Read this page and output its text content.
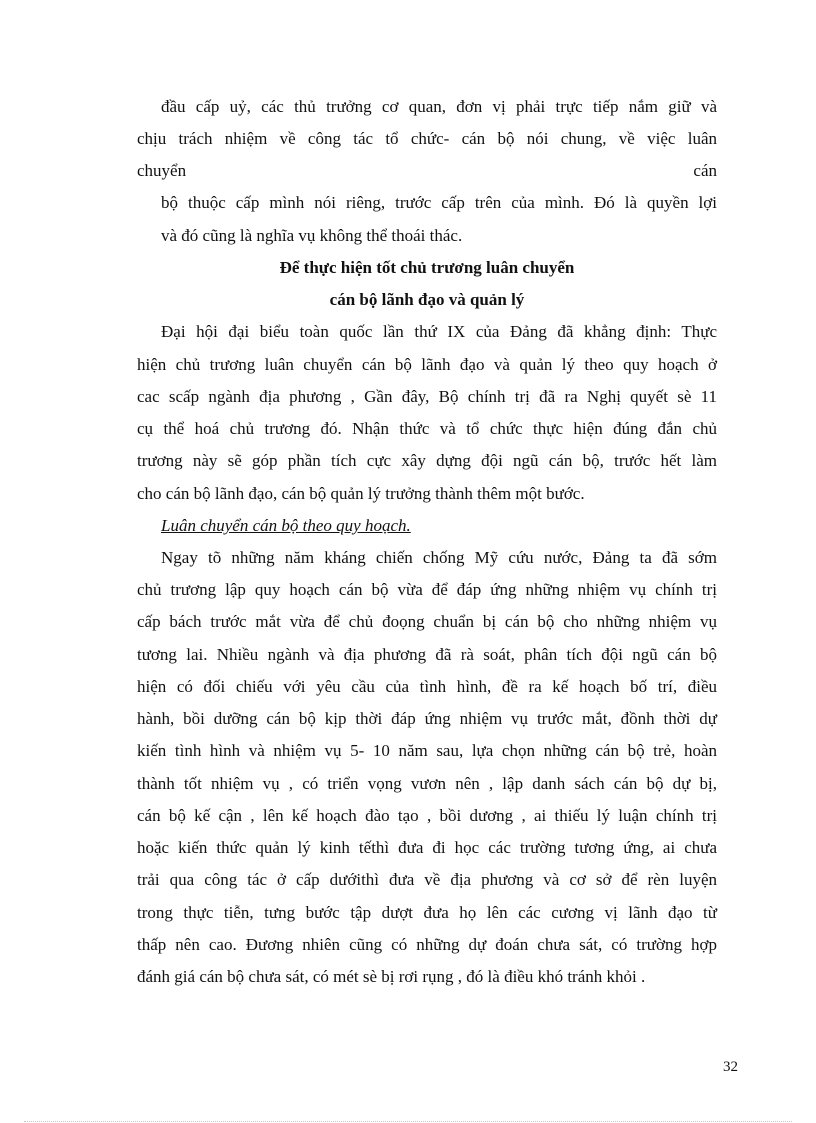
đầu cấp uỷ, các thủ trưởng cơ quan, đơn vị phải trực tiếp nắm giữ và
chịu trách nhiệm về công tác tổ chức- cán bộ nói chung, về việc luân
chuyển	cán
bộ thuộc cấp mình nói riêng, trước cấp trên của mình. Đó là quyền lợi
và đó cũng là nghĩa vụ không thể thoái thác.
Để thực hiện tốt chủ trương luân chuyển
cán bộ lãnh đạo và quản lý
Đại hội đại biểu toàn quốc lần thứ IX của Đảng đã khẳng định: Thực
hiện chủ trương luân chuyển cán bộ lãnh đạo và quản lý theo quy hoạch ở
cac scấp ngành địa phương , Gần đây, Bộ chính trị đã ra Nghị quyết sè 11
cụ thể hoá chủ trương đó. Nhận thức và tổ chức thực hiện đúng đắn chủ
trương này sẽ góp phần tích cực xây dựng đội ngũ cán bộ, trước hết làm
cho cán bộ lãnh đạo, cán bộ quản lý trưởng thành thêm một bước.
Luân chuyển cán bộ theo quy hoạch.
Ngay tõ những năm kháng chiến chống Mỹ cứu nước, Đảng ta đã sớm
chủ trương lập quy hoạch cán bộ vừa để đáp ứng những nhiệm vụ chính trị
cấp bách trước mắt vừa để chủ đoọng chuẩn bị cán bộ cho những nhiệm vụ
tương lai. Nhiều ngành và địa phương đã rà soát, phân tích đội ngũ cán bộ
hiện có đối chiếu với yêu cầu của tình hình, đề ra kế hoạch bố trí, điều
hành, bồi dưỡng cán bộ kịp thời đáp ứng nhiệm vụ trước mắt, đồnh thời dự
kiến tình hình và nhiệm vụ 5- 10 năm sau, lựa chọn những cán bộ trẻ, hoàn
thành tốt nhiệm vụ , có triển vọng vươn nên , lập danh sách cán bộ dự bị,
cán bộ kế cận , lên kế hoạch đào tạo , bồi dương , ai thiếu lý luận chính trị
hoặc kiến thức quản lý kinh tếthì đưa đi học các trường tương ứng, ai chưa
trải qua công tác ở cấp dướithì đưa về địa phương và cơ sở để rèn luyện
trong thực tiễn, tưng bước tập dượt đưa họ lên các cương vị lãnh đạo từ
thấp nên cao. Đương nhiên cũng có những dự đoán chưa sát, có trường hợp
đánh giá cán bộ chưa sát, có mét sè bị rơi rụng , đó là điều khó tránh khỏi .
32
